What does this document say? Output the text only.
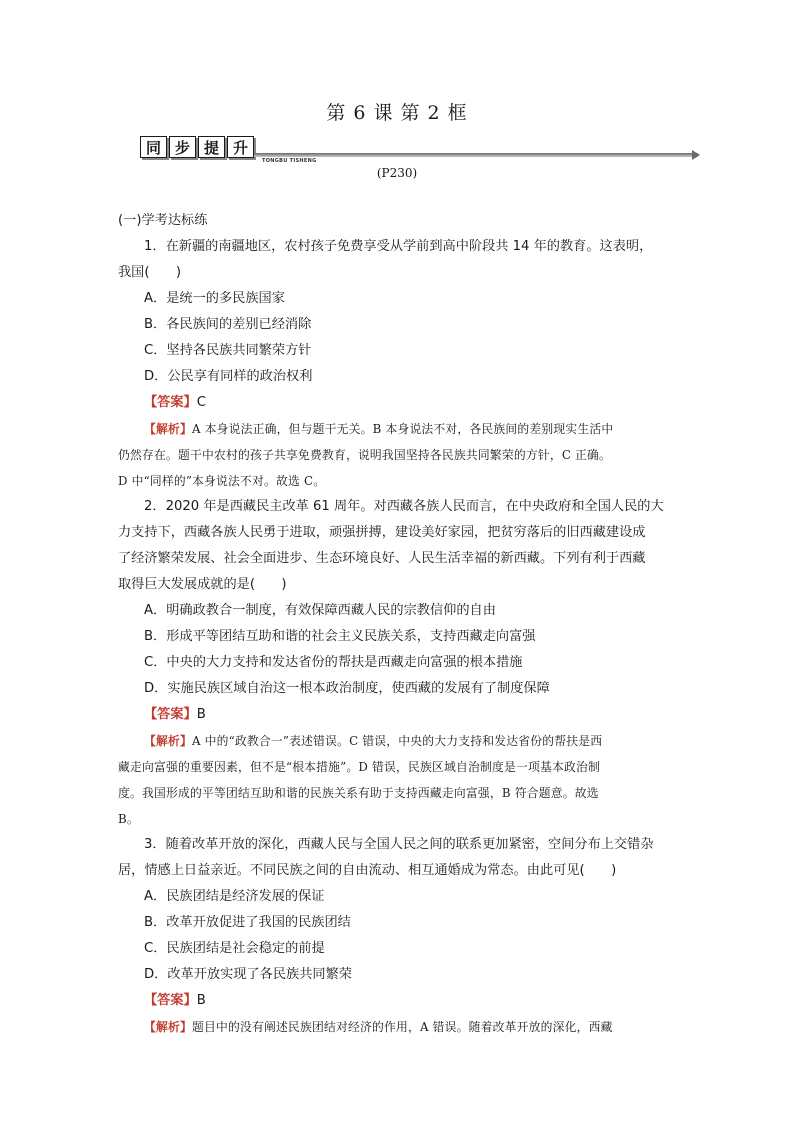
第 6 课 第 2 框
同 步 提 升
TONGBU TISHENG
(P230)
(一)学考达标练
1．在新疆的南疆地区，农村孩子免费享受从学前到高中阶段共 14 年的教育。这表明，
我国(　　)
A．是统一的多民族国家
B．各民族间的差别已经消除
C．坚持各民族共同繁荣方针
D．公民享有同样的政治权利
【答案】C
【解析】A 本身说法正确，但与题干无关。B 本身说法不对，各民族间的差别现实生活中
仍然存在。题干中农村的孩子共享免费教育，说明我国坚持各民族共同繁荣的方针，C 正确。
D 中“同样的”本身说法不对。故选 C。
2．2020 年是西藏民主改革 61 周年。对西藏各族人民而言，在中央政府和全国人民的大
力支持下，西藏各族人民勇于进取，顽强拼搏，建设美好家园，把贫穷落后的旧西藏建设成
了经济繁荣发展、社会全面进步、生态环境良好、人民生活幸福的新西藏。下列有利于西藏
取得巨大发展成就的是(　　)
A．明确政教合一制度，有效保障西藏人民的宗教信仰的自由
B．形成平等团结互助和谐的社会主义民族关系，支持西藏走向富强
C．中央的大力支持和发达省份的帮扶是西藏走向富强的根本措施
D．实施民族区域自治这一根本政治制度，使西藏的发展有了制度保障
【答案】B
【解析】A 中的“政教合一”表述错误。C 错误，中央的大力支持和发达省份的帮扶是西
藏走向富强的重要因素，但不是“根本措施”。D 错误，民族区域自治制度是一项基本政治制
度。我国形成的平等团结互助和谐的民族关系有助于支持西藏走向富强，B 符合题意。故选
B。
3．随着改革开放的深化，西藏人民与全国人民之间的联系更加紧密，空间分布上交错杂
居，情感上日益亲近。不同民族之间的自由流动、相互通婚成为常态。由此可见(　　)
A．民族团结是经济发展的保证
B．改革开放促进了我国的民族团结
C．民族团结是社会稳定的前提
D．改革开放实现了各民族共同繁荣
【答案】B
【解析】题目中的没有阐述民族团结对经济的作用，A 错误。随着改革开放的深化，西藏
